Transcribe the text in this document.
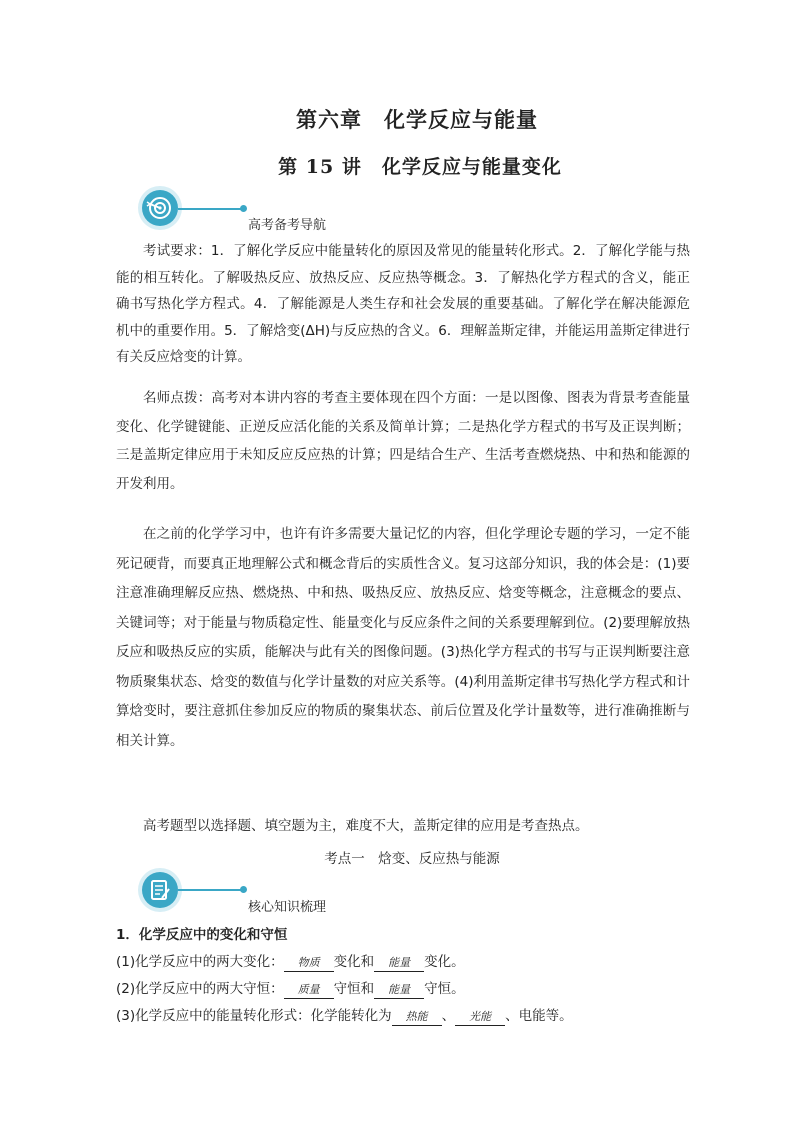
第六章　化学反应与能量
第 15 讲　化学反应与能量变化
高考备考导航

考试要求：1．了解化学反应中能量转化的原因及常见的能量转化形式。2．了解化学能与热能的相互转化。了解吸热反应、放热反应、反应热等概念。3．了解热化学方程式的含义，能正确书写热化学方程式。4．了解能源是人类生存和社会发展的重要基础。了解化学在解决能源危机中的重要作用。5．了解焓变(ΔH)与反应热的含义。6．理解盖斯定律，并能运用盖斯定律进行有关反应焓变的计算。

名师点拨：高考对本讲内容的考查主要体现在四个方面：一是以图像、图表为背景考查能量变化、化学键键能、正逆反应活化能的关系及简单计算；二是热化学方程式的书写及正误判断；三是盖斯定律应用于未知反应反应热的计算；四是结合生产、生活考查燃烧热、中和热和能源的开发利用。

在之前的化学学习中，也许有许多需要大量记忆的内容，但化学理论专题的学习，一定不能死记硬背，而要真正地理解公式和概念背后的实质性含义。复习这部分知识，我的体会是：(1)要注意准确理解反应热、燃烧热、中和热、吸热反应、放热反应、焓变等概念，注意概念的要点、关键词等；对于能量与物质稳定性、能量变化与反应条件之间的关系要理解到位。(2)要理解放热反应和吸热反应的实质，能解决与此有关的图像问题。(3)热化学方程式的书写与正误判断要注意物质聚集状态、焓变的数值与化学计量数的对应关系等。(4)利用盖斯定律书写热化学方程式和计算焓变时，要注意抓住参加反应的物质的聚集状态、前后位置及化学计量数等，进行准确推断与相关计算。

高考题型以选择题、填空题为主，难度不大，盖斯定律的应用是考查热点。

考点一　焓变、反应热与能源
核心知识梳理
1．化学反应中的变化和守恒
(1)化学反应中的两大变化： 物质 变化和 能量 变化。
(2)化学反应中的两大守恒： 质量 守恒和 能量 守恒。
(3)化学反应中的能量转化形式：化学能转化为 热能 、 光能 、电能等。
